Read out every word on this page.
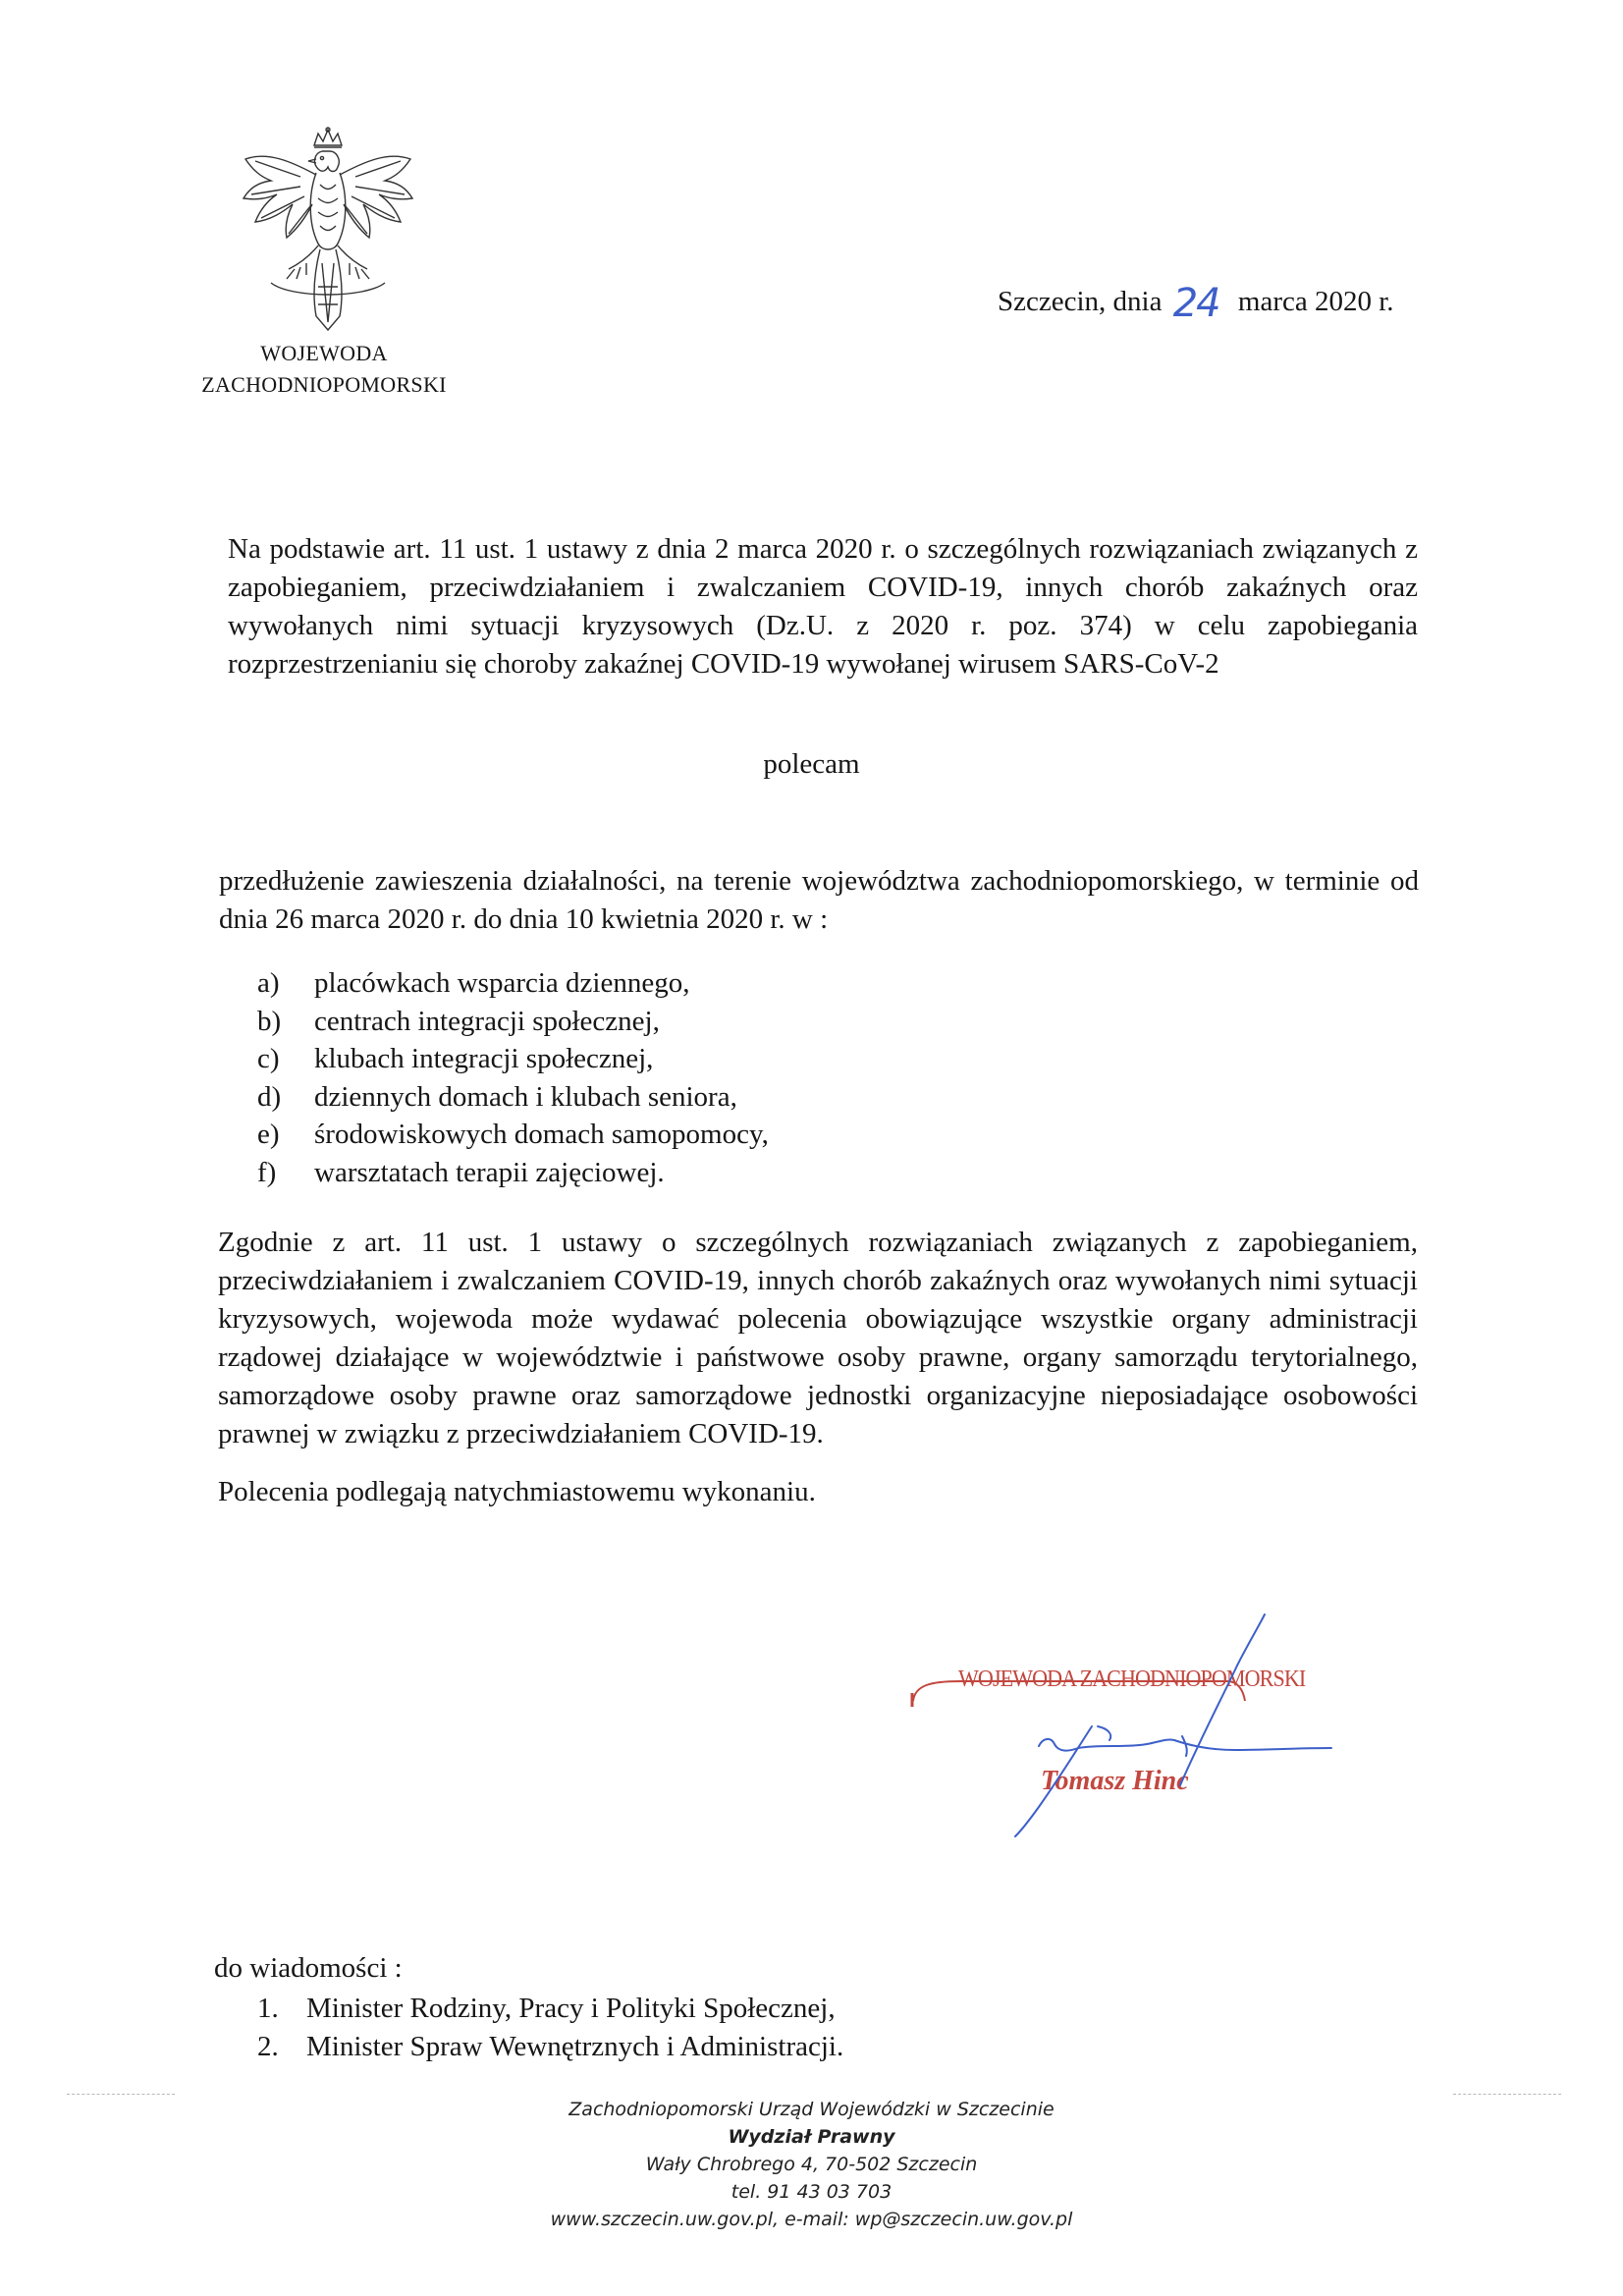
WOJEWODA
ZACHODNIOPOMORSKI
Szczecin, dnia 24 marca 2020 r.
Na podstawie art. 11 ust. 1 ustawy z dnia 2 marca 2020 r. o szczególnych rozwiązaniach związanych z zapobieganiem, przeciwdziałaniem i zwalczaniem COVID-19, innych chorób zakaźnych oraz wywołanych nimi sytuacji kryzysowych (Dz.U. z 2020 r. poz. 374) w celu zapobiegania rozprzestrzenianiu się choroby zakaźnej COVID-19 wywołanej wirusem SARS-CoV-2
polecam
przedłużenie zawieszenia działalności, na terenie województwa zachodniopomorskiego, w terminie od dnia 26 marca 2020 r. do dnia 10 kwietnia 2020 r. w :
a)	placówkach wsparcia dziennego,
b)	centrach integracji społecznej,
c)	klubach integracji społecznej,
d)	dziennych domach i klubach seniora,
e)	środowiskowych domach samopomocy,
f)	warsztatach terapii zajęciowej.
Zgodnie z art. 11 ust. 1 ustawy o szczególnych rozwiązaniach związanych z zapobieganiem, przeciwdziałaniem i zwalczaniem COVID-19, innych chorób zakaźnych oraz wywołanych nimi sytuacji kryzysowych, wojewoda może wydawać polecenia obowiązujące wszystkie organy administracji rządowej działające w województwie i państwowe osoby prawne, organy samorządu terytorialnego, samorządowe osoby prawne oraz samorządowe jednostki organizacyjne nieposiadające osobowości prawnej w związku z przeciwdziałaniem COVID-19.
Polecenia podlegają natychmiastowemu wykonaniu.
WOJEWODA ZACHODNIOPOMORSKI
Tomasz Hinc
do wiadomości :
1. Minister Rodziny, Pracy i Polityki Społecznej,
2. Minister Spraw Wewnętrznych i Administracji.
Zachodniopomorski Urząd Wojewódzki w Szczecinie
Wydział Prawny
Wały Chrobrego 4, 70-502 Szczecin
tel. 91 43 03 703
www.szczecin.uw.gov.pl, e-mail: wp@szczecin.uw.gov.pl
